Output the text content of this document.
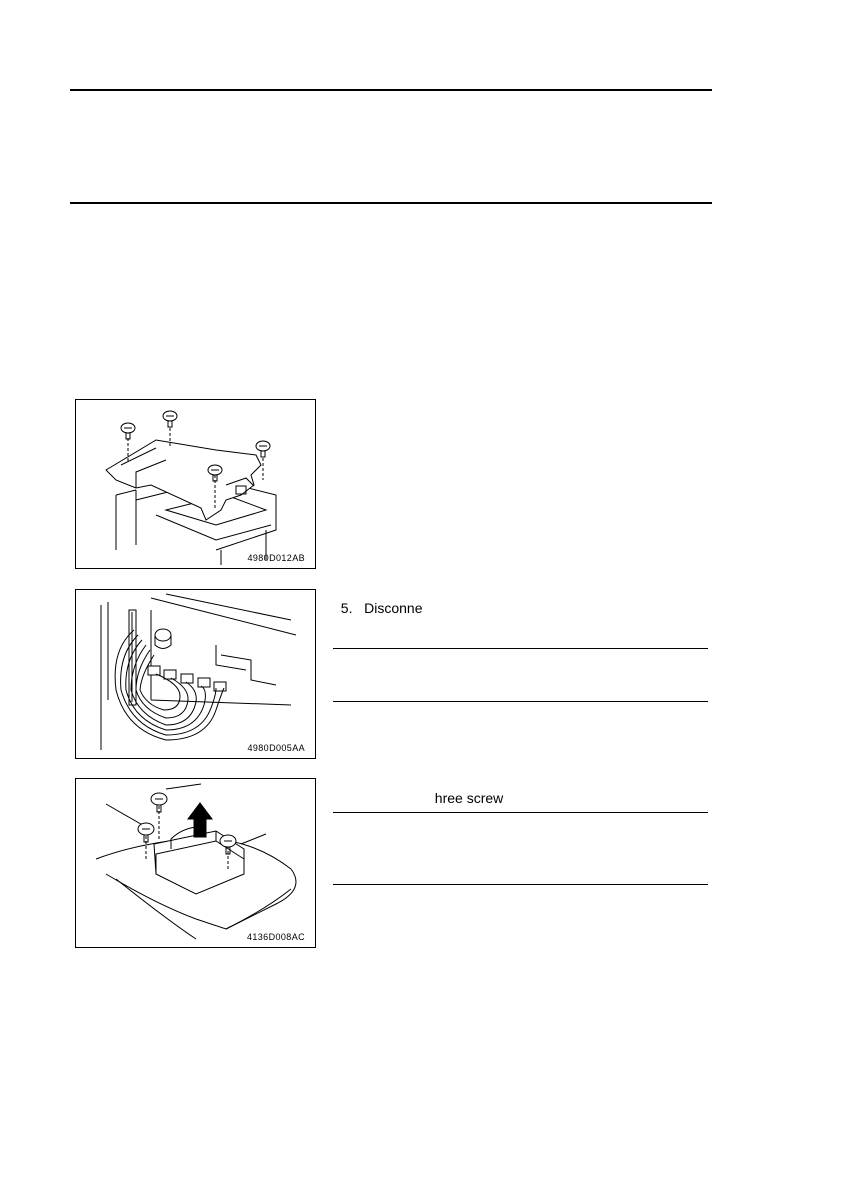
4980D012AB
4980D005AA
4136D008AC

5. Disconne

hree screw
